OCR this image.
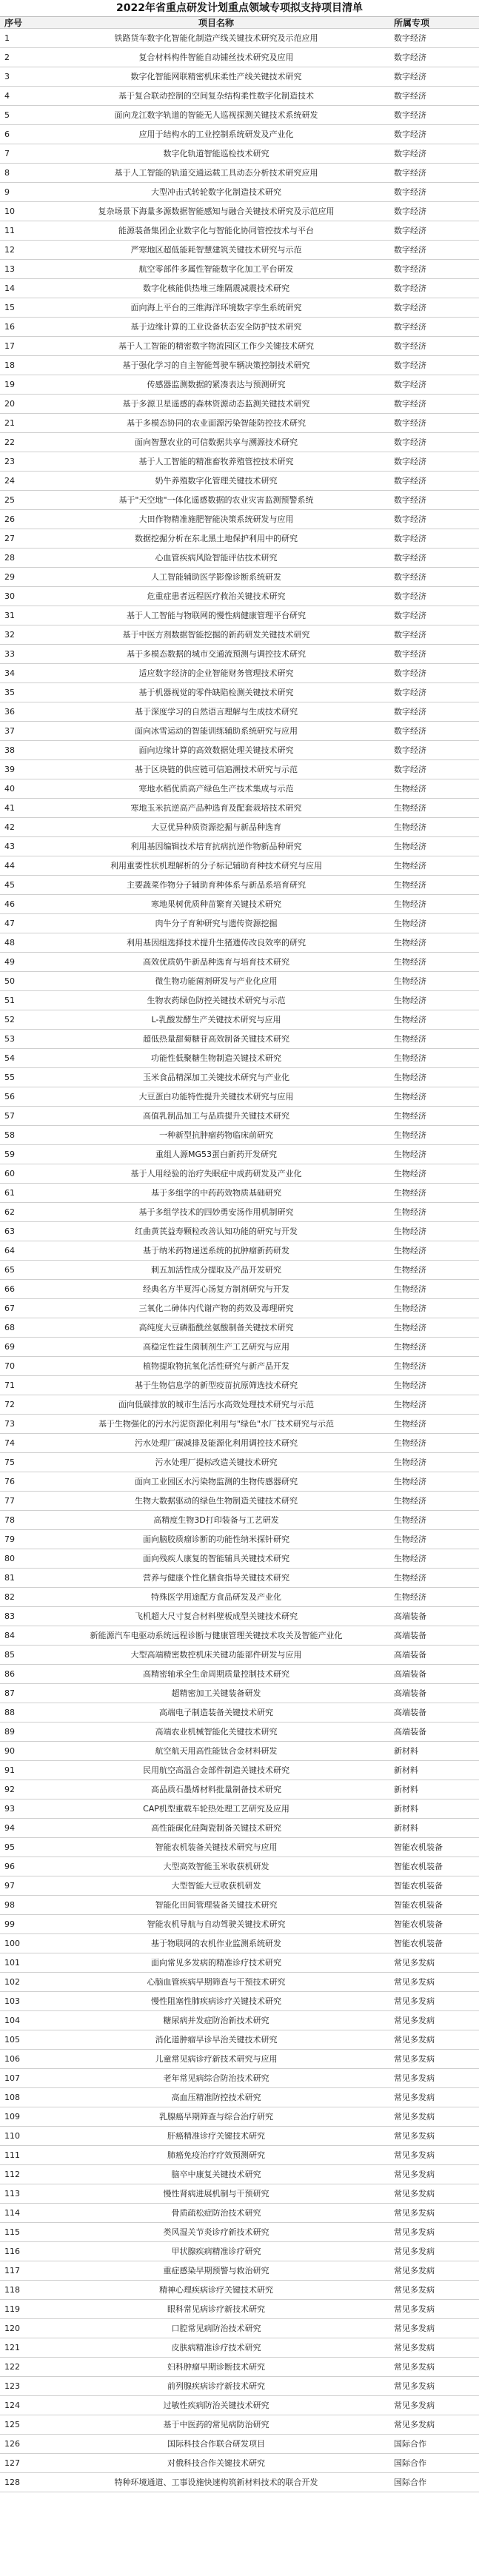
2022年省重点研发计划重点领域专项拟支持项目清单
序号	项目名称	所属专项
1	铁路货车数字化智能化制造产线关键技术研究及示范应用	数字经济
2	复合材料构件智能自动铺丝技术研究及应用	数字经济
3	数字化智能网联精密机床柔性产线关键技术研究	数字经济
4	基于复合联动控制的空间复杂结构柔性数字化制造技术	数字经济
5	面向龙江数字轨道的智能无人巡视探测关键技术系统研发	数字经济
6	应用于结构水的工业控制系统研发及产业化	数字经济
7	数字化轨道智能巡检技术研究	数字经济
8	基于人工智能的轨道交通运载工具动态分析技术研究应用	数字经济
9	大型冲击式转轮数字化制造技术研究	数字经济
10	复杂场景下海量多源数据智能感知与融合关键技术研究及示范应用	数字经济
11	能源装备集团企业数字化与智能化协同管控技术与平台	数字经济
12	严寒地区超低能耗智慧建筑关键技术研究与示范	数字经济
13	航空零部件多属性智能数字化加工平台研发	数字经济
14	数字化核能供热堆三维隔震减震技术研究	数字经济
15	面向海上平台的三维海洋环境数字孪生系统研究	数字经济
16	基于边缘计算的工业设备状态安全防护技术研究	数字经济
17	基于人工智能的精密数字物流园区工作少关键技术研究	数字经济
18	基于强化学习的自主智能驾驶车辆决策控制技术研究	数字经济
19	传感器监测数据的紧凑表达与预测研究	数字经济
20	基于多源卫星遥感的森林资源动态监测关键技术研究	数字经济
21	基于多模态协同的农业面源污染智能防控技术研究	数字经济
22	面向智慧农业的可信数据共享与溯源技术研究	数字经济
23	基于人工智能的精准畜牧养殖管控技术研究	数字经济
24	奶牛养殖数字化管理关键技术研究	数字经济
25	基于"天空地"一体化遥感数据的农业灾害监测预警系统	数字经济
26	大田作物精准施肥智能决策系统研发与应用	数字经济
27	数据挖掘分析在东北黑土地保护利用中的研究	数字经济
28	心血管疾病风险智能评估技术研究	数字经济
29	人工智能辅助医学影像诊断系统研发	数字经济
30	危重症患者远程医疗救治关键技术研究	数字经济
31	基于人工智能与物联网的慢性病健康管理平台研究	数字经济
32	基于中医方剂数据智能挖掘的新药研发关键技术研究	数字经济
33	基于多模态数据的城市交通流预测与调控技术研究	数字经济
34	适应数字经济的企业智能财务管理技术研究	数字经济
35	基于机器视觉的零件缺陷检测关键技术研究	数字经济
36	基于深度学习的自然语言理解与生成技术研究	数字经济
37	面向冰雪运动的智能训练辅助系统研究与应用	数字经济
38	面向边缘计算的高效数据处理关键技术研究	数字经济
39	基于区块链的供应链可信追溯技术研究与示范	数字经济
40	寒地水稻优质高产绿色生产技术集成与示范	生物经济
41	寒地玉米抗逆高产品种选育及配套栽培技术研究	生物经济
42	大豆优异种质资源挖掘与新品种选育	生物经济
43	利用基因编辑技术培育抗病抗逆作物新品种研究	生物经济
44	利用重要性状机理解析的分子标记辅助育种技术研究与应用	生物经济
45	主要蔬菜作物分子辅助育种体系与新品系培育研究	生物经济
46	寒地果树优质种苗繁育关键技术研究	生物经济
47	肉牛分子育种研究与遗传资源挖掘	生物经济
48	利用基因组选择技术提升生猪遗传改良效率的研究	生物经济
49	高效优质奶牛新品种选育与培育技术研究	生物经济
50	微生物功能菌剂研发与产业化应用	生物经济
51	生物农药绿色防控关键技术研究与示范	生物经济
52	L-乳酸发酵生产关键技术研究与应用	生物经济
53	超低热量甜菊糖苷高效制备关键技术研究	生物经济
54	功能性低聚糖生物制造关键技术研究	生物经济
55	玉米食品精深加工关键技术研究与产业化	生物经济
56	大豆蛋白功能特性提升关键技术研究与应用	生物经济
57	高值乳制品加工与品质提升关键技术研究	生物经济
58	一种新型抗肿瘤药物临床前研究	生物经济
59	重组人源MG53蛋白新药开发研究	生物经济
60	基于人用经验的治疗失眠症中成药研发及产业化	生物经济
61	基于多组学的中药药效物质基础研究	生物经济
62	基于多组学技术的四妙勇安汤作用机制研究	生物经济
63	红曲黄芪益寿颗粒改善认知功能的研究与开发	生物经济
64	基于纳米药物递送系统的抗肿瘤新药研发	生物经济
65	刺五加活性成分提取及产品开发研究	生物经济
66	经典名方半夏泻心汤复方制剂研究与开发	生物经济
67	三氧化二砷体内代谢产物的药效及毒理研究	生物经济
68	高纯度大豆磷脂酰丝氨酸制备关键技术研究	生物经济
69	高稳定性益生菌制剂生产工艺研究与应用	生物经济
70	植物提取物抗氧化活性研究与新产品开发	生物经济
71	基于生物信息学的新型疫苗抗原筛选技术研究	生物经济
72	面向低碳排放的城市生活污水高效处理技术研究与示范	生物经济
73	基于生物强化的污水污泥资源化利用与"绿色"水厂技术研究与示范	生物经济
74	污水处理厂碳减排及能源化利用调控技术研究	生物经济
75	污水处理厂提标改造关键技术研究	生物经济
76	面向工业园区水污染物监测的生物传感器研究	生物经济
77	生物大数据驱动的绿色生物制造关键技术研究	生物经济
78	高精度生物3D打印装备与工艺研发	生物经济
79	面向脑胶质瘤诊断的功能性纳米探针研究	生物经济
80	面向残疾人康复的智能辅具关键技术研究	生物经济
81	营养与健康个性化膳食指导关键技术研究	生物经济
82	特殊医学用途配方食品研发及产业化	生物经济
83	飞机超大尺寸复合材料壁板成型关键技术研究	高端装备
84	新能源汽车电驱动系统远程诊断与健康管理关键技术攻关及智能产业化	高端装备
85	大型高端精密数控机床关键功能部件研发与应用	高端装备
86	高精密轴承全生命周期质量控制技术研究	高端装备
87	超精密加工关键装备研发	高端装备
88	高端电子制造装备关键技术研究	高端装备
89	高端农业机械智能化关键技术研究	高端装备
90	航空航天用高性能钛合金材料研发	新材料
91	民用航空高温合金部件制造关键技术研究	新材料
92	高品质石墨烯材料批量制备技术研究	新材料
93	CAP机型重载车轮热处理工艺研究及应用	新材料
94	高性能碳化硅陶瓷制备关键技术研究	新材料
95	智能农机装备关键技术研究与应用	智能农机装备
96	大型高效智能玉米收获机研发	智能农机装备
97	大型智能大豆收获机研发	智能农机装备
98	智能化田间管理装备关键技术研究	智能农机装备
99	智能农机导航与自动驾驶关键技术研究	智能农机装备
100	基于物联网的农机作业监测系统研发	智能农机装备
101	面向常见多发病的精准诊疗技术研究	常见多发病
102	心脑血管疾病早期筛查与干预技术研究	常见多发病
103	慢性阻塞性肺疾病诊疗关键技术研究	常见多发病
104	糖尿病并发症防治新技术研究	常见多发病
105	消化道肿瘤早诊早治关键技术研究	常见多发病
106	儿童常见病诊疗新技术研究与应用	常见多发病
107	老年常见病综合防治技术研究	常见多发病
108	高血压精准防控技术研究	常见多发病
109	乳腺癌早期筛查与综合治疗研究	常见多发病
110	肝癌精准诊疗关键技术研究	常见多发病
111	肺癌免疫治疗疗效预测研究	常见多发病
112	脑卒中康复关键技术研究	常见多发病
113	慢性肾病进展机制与干预研究	常见多发病
114	骨质疏松症防治技术研究	常见多发病
115	类风湿关节炎诊疗新技术研究	常见多发病
116	甲状腺疾病精准诊疗研究	常见多发病
117	重症感染早期预警与救治研究	常见多发病
118	精神心理疾病诊疗关键技术研究	常见多发病
119	眼科常见病诊疗新技术研究	常见多发病
120	口腔常见病防治技术研究	常见多发病
121	皮肤病精准诊疗技术研究	常见多发病
122	妇科肿瘤早期诊断技术研究	常见多发病
123	前列腺疾病诊疗新技术研究	常见多发病
124	过敏性疾病防治关键技术研究	常见多发病
125	基于中医药的常见病防治研究	常见多发病
126	国际科技合作联合研发项目	国际合作
127	对俄科技合作关键技术研究	国际合作
128	特种环境通道、工事设施快速构筑新材料技术的联合开发	国际合作
